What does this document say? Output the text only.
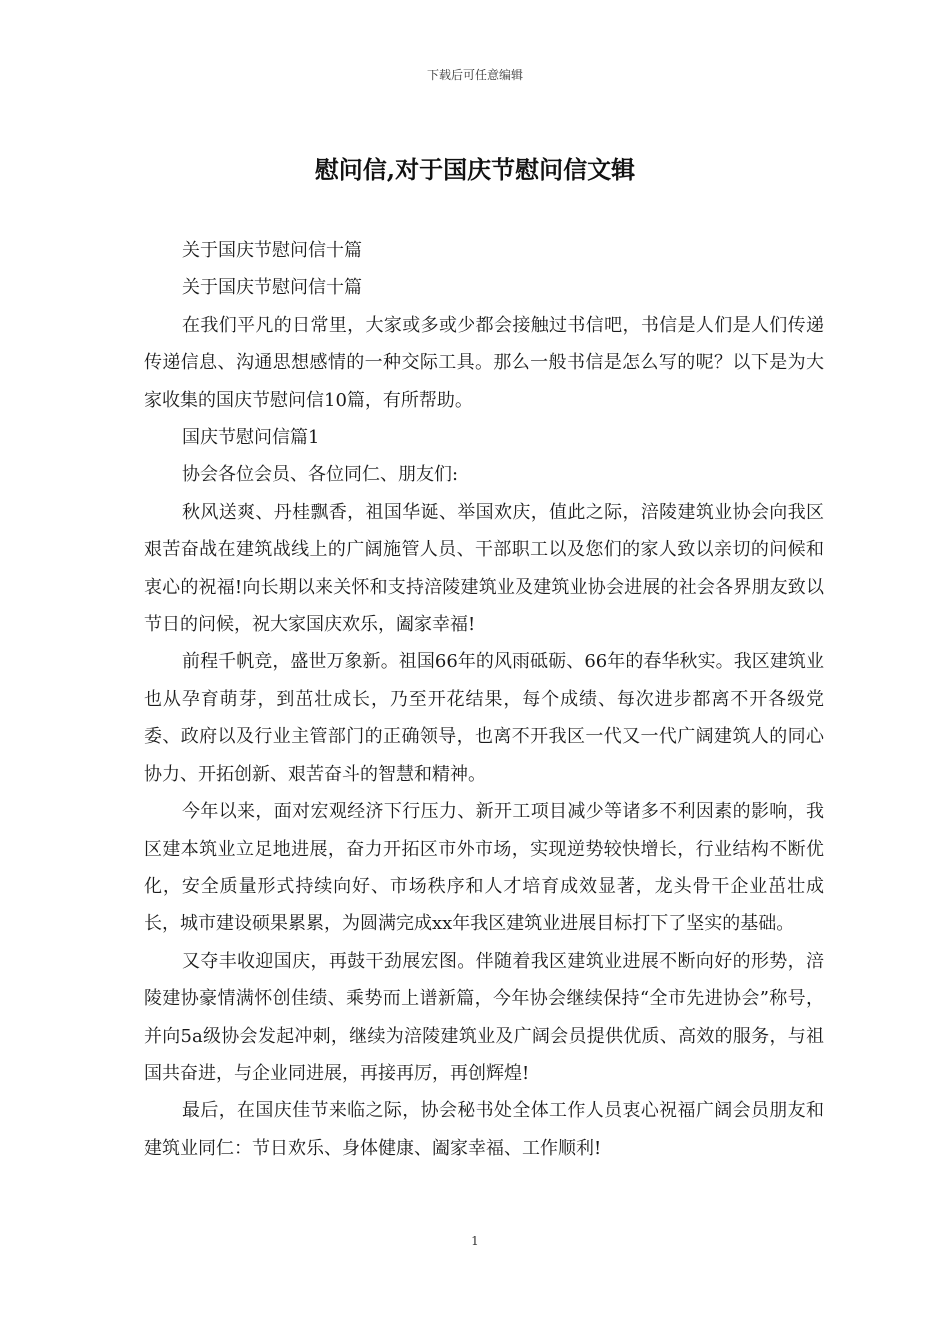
下载后可任意编辑
慰问信,对于国庆节慰问信文辑

关于国庆节慰问信十篇

关于国庆节慰问信十篇

在我们平凡的日常里，大家或多或少都会接触过书信吧，书信是人们是人们传递传递信息、沟通思想感情的一种交际工具。那么一般书信是怎么写的呢？以下是为大家收集的国庆节慰问信10篇，有所帮助。

国庆节慰问信篇1

协会各位会员、各位同仁、朋友们:

秋风送爽、丹桂飘香，祖国华诞、举国欢庆，值此之际，涪陵建筑业协会向我区艰苦奋战在建筑战线上的广阔施管人员、干部职工以及您们的家人致以亲切的问候和衷心的祝福!向长期以来关怀和支持涪陵建筑业及建筑业协会进展的社会各界朋友致以节日的问候，祝大家国庆欢乐，阖家幸福!

前程千帆竞，盛世万象新。祖国66年的风雨砥砺、66年的春华秋实。我区建筑业也从孕育萌芽，到茁壮成长，乃至开花结果，每个成绩、每次进步都离不开各级党委、政府以及行业主管部门的正确领导，也离不开我区一代又一代广阔建筑人的同心协力、开拓创新、艰苦奋斗的智慧和精神。

今年以来，面对宏观经济下行压力、新开工项目减少等诸多不利因素的影响，我区建本筑业立足地进展，奋力开拓区市外市场，实现逆势较快增长，行业结构不断优化，安全质量形式持续向好、市场秩序和人才培育成效显著，龙头骨干企业茁壮成长，城市建设硕果累累，为圆满完成xx年我区建筑业进展目标打下了坚实的基础。

又夺丰收迎国庆，再鼓干劲展宏图。伴随着我区建筑业进展不断向好的形势，涪陵建协豪情满怀创佳绩、乘势而上谱新篇，今年协会继续保持“全市先进协会”称号，并向5a级协会发起冲刺，继续为涪陵建筑业及广阔会员提供优质、高效的服务，与祖国共奋进，与企业同进展，再接再厉，再创辉煌!

最后，在国庆佳节来临之际，协会秘书处全体工作人员衷心祝福广阔会员朋友和建筑业同仁：节日欢乐、身体健康、阖家幸福、工作顺利!

1
